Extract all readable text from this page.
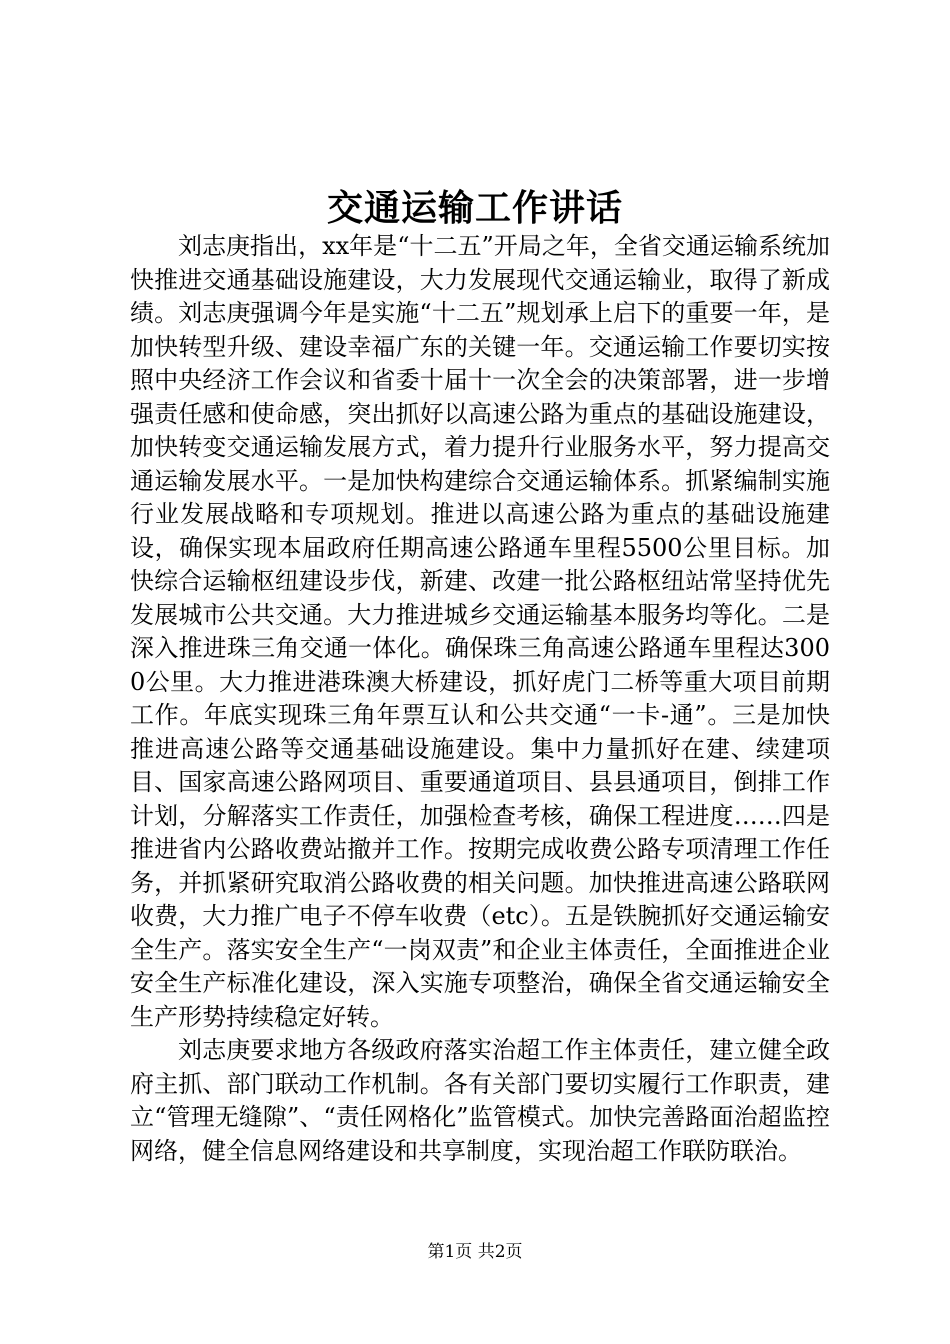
交通运输工作讲话

刘志庚指出，xx年是“十二五”开局之年，全省交通运输系统加快推进交通基础设施建设，大力发展现代交通运输业，取得了新成绩。刘志庚强调今年是实施“十二五”规划承上启下的重要一年，是加快转型升级、建设幸福广东的关键一年。交通运输工作要切实按照中央经济工作会议和省委十届十一次全会的决策部署，进一步增强责任感和使命感，突出抓好以高速公路为重点的基础设施建设，加快转变交通运输发展方式，着力提升行业服务水平，努力提高交通运输发展水平。一是加快构建综合交通运输体系。抓紧编制实施行业发展战略和专项规划。推进以高速公路为重点的基础设施建设，确保实现本届政府任期高速公路通车里程5500公里目标。加快综合运输枢纽建设步伐，新建、改建一批公路枢纽站常坚持优先发展城市公共交通。大力推进城乡交通运输基本服务均等化。二是深入推进珠三角交通一体化。确保珠三角高速公路通车里程达3000公里。大力推进港珠澳大桥建设，抓好虎门二桥等重大项目前期工作。年底实现珠三角年票互认和公共交通“一卡-通”。三是加快推进高速公路等交通基础设施建设。集中力量抓好在建、续建项目、国家高速公路网项目、重要通道项目、县县通项目，倒排工作计划，分解落实工作责任，加强检查考核，确保工程进度……四是推进省内公路收费站撤并工作。按期完成收费公路专项清理工作任务，并抓紧研究取消公路收费的相关问题。加快推进高速公路联网收费，大力推广电子不停车收费（etc）。五是铁腕抓好交通运输安全生产。落实安全生产“一岗双责”和企业主体责任，全面推进企业安全生产标准化建设，深入实施专项整治，确保全省交通运输安全生产形势持续稳定好转。

刘志庚要求地方各级政府落实治超工作主体责任，建立健全政府主抓、部门联动工作机制。各有关部门要切实履行工作职责，建立“管理无缝隙”、“责任网格化”监管模式。加快完善路面治超监控网络，健全信息网络建设和共享制度，实现治超工作联防联治。

第1页 共2页
